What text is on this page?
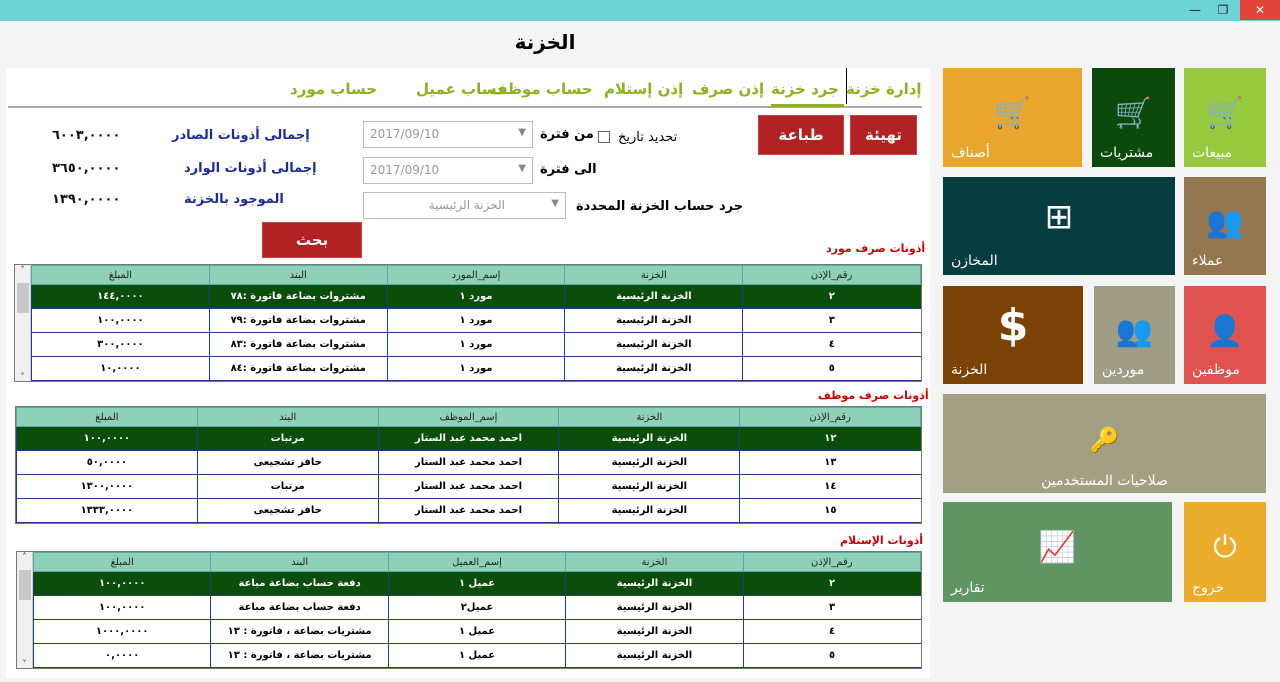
—	❐	✕
الخزنة
إدارة خزنة
جرد خزنة
إذن صرف
إذن إستلام
حساب موظف
حساب عميل
حساب مورد
تهيئة
طباعة
بحث
تحديد تاريخ
من فترة
2017/09/10	▼
الى فترة
2017/09/10	▼
جرد حساب الخزنة المحددة
الخزنة الرئيسية	▼
إجمالى أذونات الصادر
٦٠٠٣,٠٠٠٠
إجمالى أذونات الوارد
٣٦٥٠,٠٠٠٠
الموجود بالخزنة
١٣٩٠,٠٠٠٠
أذونات صرف مورد
رقم_الإذن	الخزنة	إسم_المورد	البند	المبلغ
٢	الخزنة الرئيسية	مورد ١	مشتروات بضاعة فاتورة :٧٨	١٤٤,٠٠٠٠
٣	الخزنة الرئيسية	مورد ١	مشتروات بضاعة فاتورة :٧٩	١٠٠,٠٠٠٠
٤	الخزنة الرئيسية	مورد ١	مشتروات بضاعة فاتورة :٨٣	٣٠٠,٠٠٠٠
٥	الخزنة الرئيسية	مورد ١	مشتروات بضاعة فاتورة :٨٤	١٠,٠٠٠٠
˄
˅
أذونات صرف موظف
رقم_الإذن	الخزنة	إسم_الموظف	البند	المبلغ
١٢	الخزنة الرئيسية	احمد محمد عبد الستار	مرتبات	١٠٠,٠٠٠٠
١٣	الخزنة الرئيسية	احمد محمد عبد الستار	حافز تشجيعى	٥٠,٠٠٠٠
١٤	الخزنة الرئيسية	احمد محمد عبد الستار	مرتبات	١٣٠٠,٠٠٠٠
١٥	الخزنة الرئيسية	احمد محمد عبد الستار	حافز تشجيعى	١٣٣٣,٠٠٠٠
أذونات الإستلام
رقم_الإذن	الخزنة	إسم_العميل	البند	المبلغ
٢	الخزنة الرئيسية	عميل ١	دفعة حساب بضاعة مباعة	١٠٠,٠٠٠٠
٣	الخزنة الرئيسية	عميل٢	دفعة حساب بضاعة مباعة	١٠٠,٠٠٠٠
٤	الخزنة الرئيسية	عميل ١	مشتريات بضاعة ، فاتورة : ١٣	١٠٠٠,٠٠٠٠
٥	الخزنة الرئيسية	عميل ١	مشتريات بضاعة ، فاتورة : ١٣	٠,٠٠٠٠
˄
˅
🛒
مبيعات
🛒
مشتريات
🛒
أصناف
👥
عملاء
⊞
المخازن
👤
موظفين
👥
موردين
$
الخزنة
🔑
صلاحيات المستخدمين
📈
تقارير
⏻
خروج
